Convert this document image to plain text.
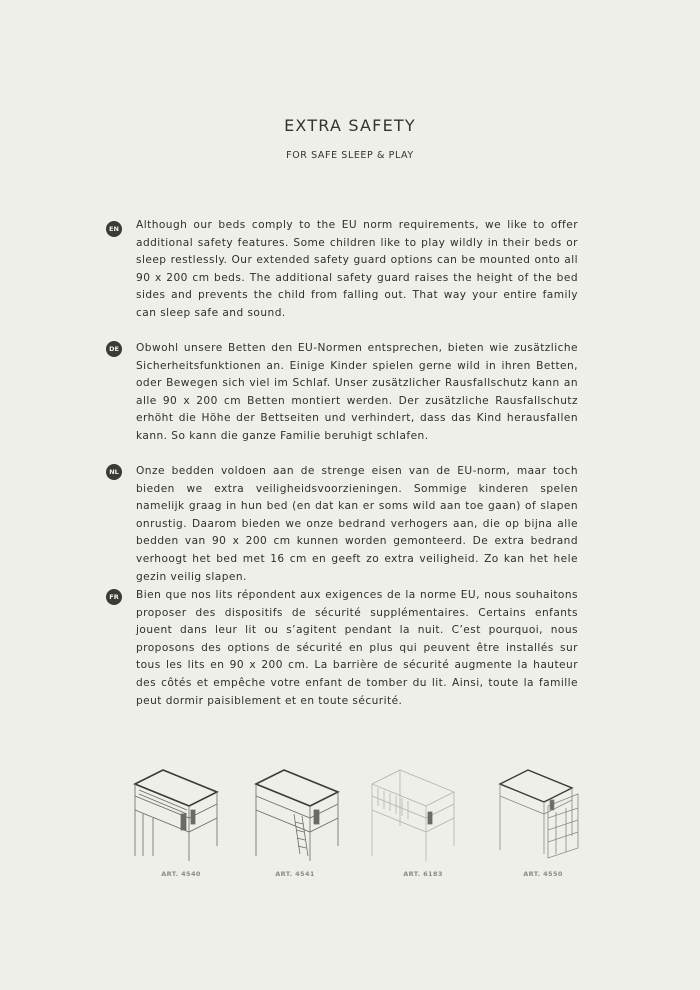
EXTRA SAFETY
FOR SAFE SLEEP & PLAY
EN Although our beds comply to the EU norm requirements, we like to offer additional safety features. Some children like to play wildly in their beds or sleep restlessly. Our extended safety guard options can be mounted onto all 90 x 200 cm beds. The additional safety guard raises the height of the bed sides and prevents the child from falling out. That way your entire family can sleep safe and sound.
DE Obwohl unsere Betten den EU-Normen entsprechen, bieten wie zusätzliche Sicherheitsfunktionen an. Einige Kinder spielen gerne wild in ihren Betten, oder Bewegen sich viel im Schlaf. Unser zusätzlicher Rausfallschutz kann an alle 90 x 200 cm Betten montiert werden. Der zusätzliche Rausfallschutz erhöht die Höhe der Bettseiten und verhindert, dass das Kind herausfallen kann. So kann die ganze Familie beruhigt schlafen.
NL	Onze bedden voldoen aan de strenge eisen van de EU-norm, maar toch bieden we extra veiligheidsvoorzieningen. Sommige kinderen spelen namelijk graag in hun bed (en dat kan er soms wild aan toe gaan) of slapen onrustig. Daarom bieden we onze bedrand verhogers aan, die op bijna alle bedden van 90 x 200 cm kunnen worden gemonteerd. De extra bedrand verhoogt het bed met 16 cm en geeft zo extra veiligheid. Zo kan het hele gezin veilig slapen.
FR	Bien que nos lits répondent aux exigences de la norme EU, nous souhaitons proposer des dispositifs de sécurité supplémentaires. Certains enfants jouent dans leur lit ou s’agitent pendant la nuit. C’est pourquoi, nous proposons des options de sécurité en plus qui peuvent être installés sur tous les lits en 90 x 200 cm. La barrière de sécurité augmente la hauteur des côtés et empêche votre enfant de tomber du lit. Ainsi, toute la famille peut dormir paisiblement et en toute sécurité.
ART. 4540	ART. 4541	ART. 6183	ART. 4550
